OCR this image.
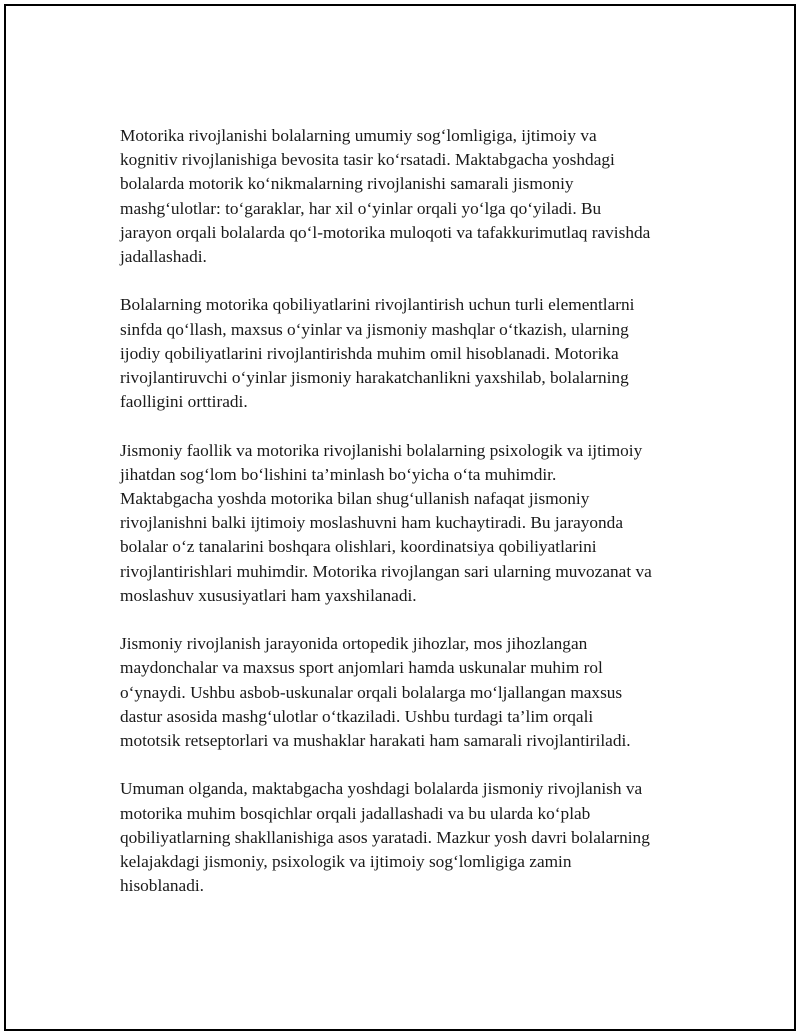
Motorika rivojlanishi bolalarning umumiy sog‘lomligiga, ijtimoiy va
kognitiv rivojlanishiga bevosita tasir ko‘rsatadi. Maktabgacha yoshdagi
bolalarda motorik ko‘nikmalarning rivojlanishi samarali jismoniy
mashg‘ulotlar: to‘garaklar, har xil o‘yinlar orqali yo‘lga qo‘yiladi. Bu
jarayon orqali bolalarda qo‘l-motorika muloqoti va tafakkurimutlaq ravishda
jadallashadi.

Bolalarning motorika qobiliyatlarini rivojlantirish uchun turli elementlarni
sinfda qo‘llash, maxsus o‘yinlar va jismoniy mashqlar o‘tkazish, ularning
ijodiy qobiliyatlarini rivojlantirishda muhim omil hisoblanadi. Motorika
rivojlantiruvchi o‘yinlar jismoniy harakatchanlikni yaxshilab, bolalarning
faolligini orttiradi.

Jismoniy faollik va motorika rivojlanishi bolalarning psixologik va ijtimoiy
jihatdan sog‘lom bo‘lishini ta’minlash bo‘yicha o‘ta muhimdir.
Maktabgacha yoshda motorika bilan shug‘ullanish nafaqat jismoniy
rivojlanishni balki ijtimoiy moslashuvni ham kuchaytiradi. Bu jarayonda
bolalar o‘z tanalarini boshqara olishlari, koordinatsiya qobiliyatlarini
rivojlantirishlari muhimdir. Motorika rivojlangan sari ularning muvozanat va
moslashuv xususiyatlari ham yaxshilanadi.

Jismoniy rivojlanish jarayonida ortopedik jihozlar, mos jihozlangan
maydonchalar va maxsus sport anjomlari hamda uskunalar muhim rol
o‘ynaydi. Ushbu asbob-uskunalar orqali bolalarga mo‘ljallangan maxsus
dastur asosida mashg‘ulotlar o‘tkaziladi. Ushbu turdagi ta’lim orqali
mototsik retseptorlari va mushaklar harakati ham samarali rivojlantiriladi.

Umuman olganda, maktabgacha yoshdagi bolalarda jismoniy rivojlanish va
motorika muhim bosqichlar orqali jadallashadi va bu ularda ko‘plab
qobiliyatlarning shakllanishiga asos yaratadi. Mazkur yosh davri bolalarning
kelajakdagi jismoniy, psixologik va ijtimoiy sog‘lomligiga zamin
hisoblanadi.
